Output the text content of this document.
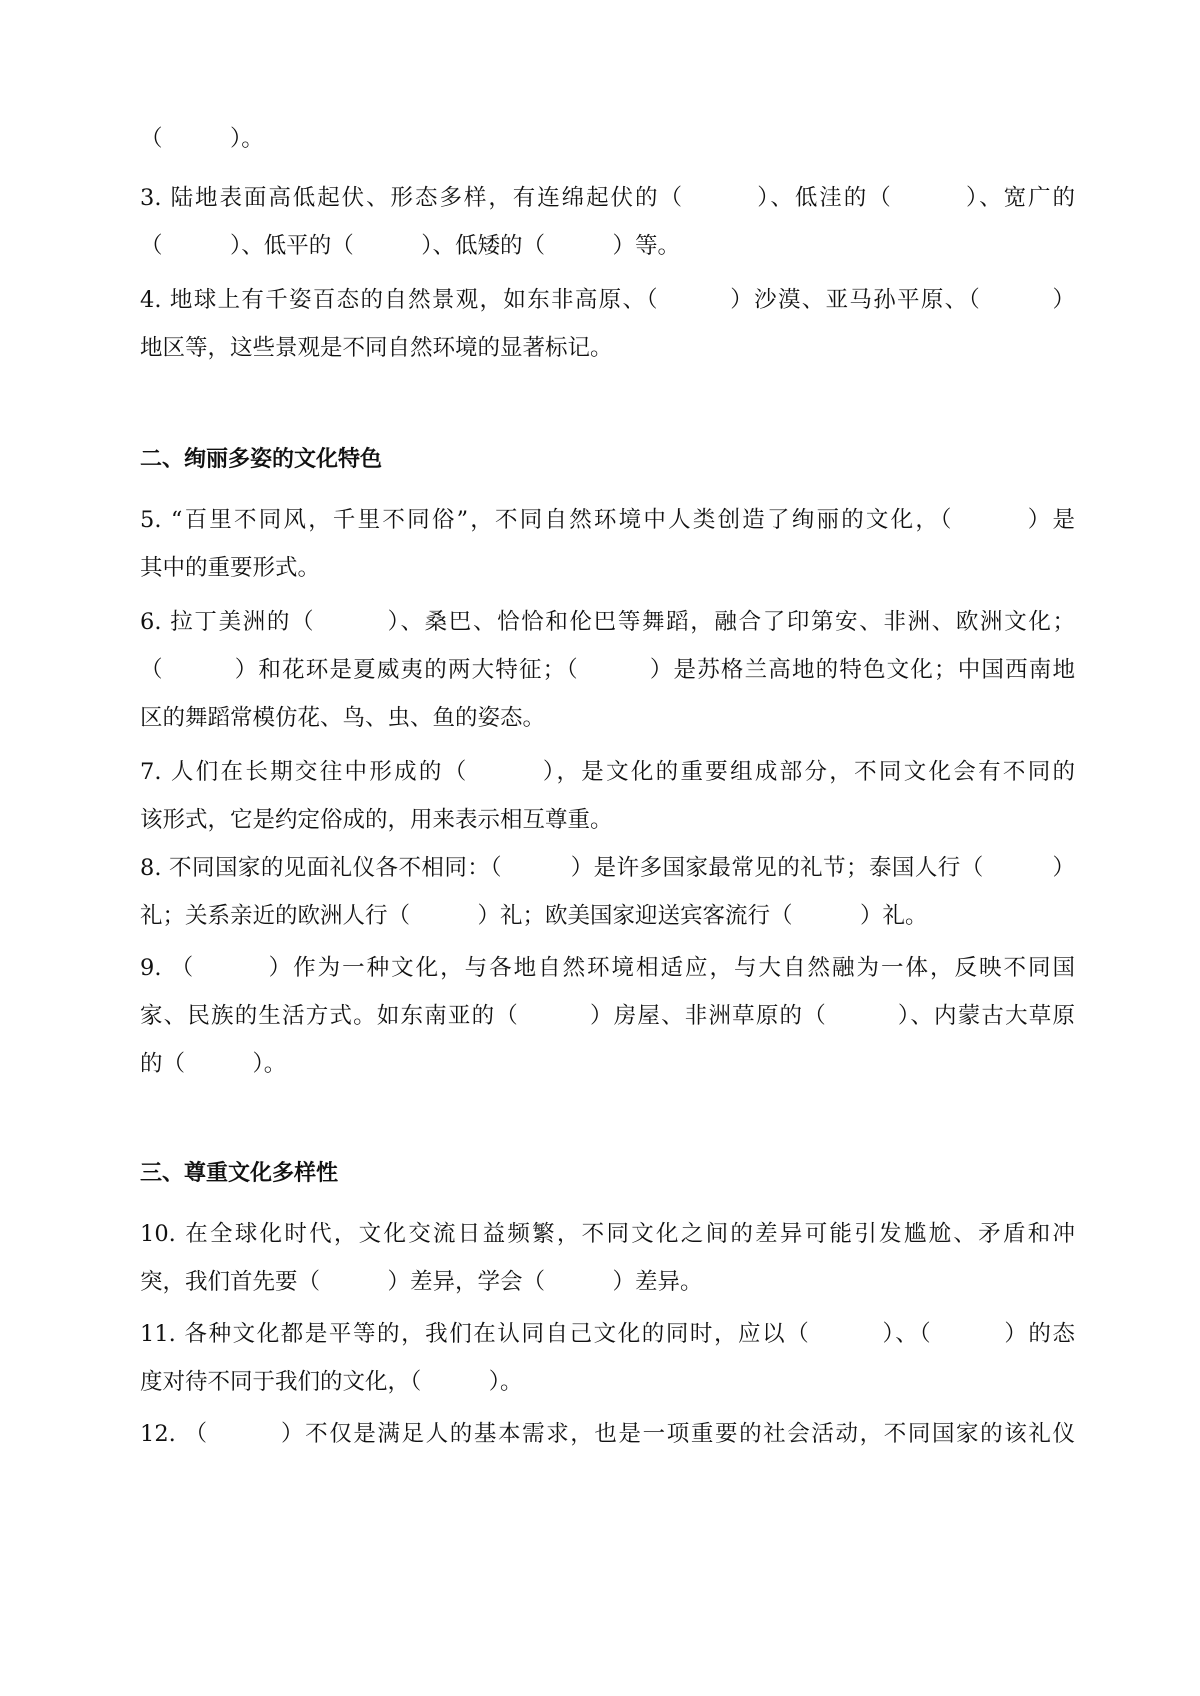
（　　　）。
3. 陆地表面高低起伏、形态多样，有连绵起伏的（　　　）、低洼的（　　　）、宽广的
（　　　）、低平的（　　　）、低矮的（　　　）等。
4. 地球上有千姿百态的自然景观，如东非高原、（　　　）沙漠、亚马孙平原、（　　　）
地区等，这些景观是不同自然环境的显著标记。
二、绚丽多姿的文化特色
5. “百里不同风，千里不同俗”，不同自然环境中人类创造了绚丽的文化，（　　　）是
其中的重要形式。
6. 拉丁美洲的（　　　）、桑巴、恰恰和伦巴等舞蹈，融合了印第安、非洲、欧洲文化；
（　　　）和花环是夏威夷的两大特征；（　　　）是苏格兰高地的特色文化；中国西南地
区的舞蹈常模仿花、鸟、虫、鱼的姿态。
7. 人们在长期交往中形成的（　　　），是文化的重要组成部分，不同文化会有不同的
该形式，它是约定俗成的，用来表示相互尊重。
8. 不同国家的见面礼仪各不相同：（　　　）是许多国家最常见的礼节；泰国人行（　　　）
礼；关系亲近的欧洲人行（　　　）礼；欧美国家迎送宾客流行（　　　）礼。
9. （　　　）作为一种文化，与各地自然环境相适应，与大自然融为一体，反映不同国
家、民族的生活方式。如东南亚的（　　　）房屋、非洲草原的（　　　）、内蒙古大草原
的（　　　）。
三、尊重文化多样性
10. 在全球化时代，文化交流日益频繁，不同文化之间的差异可能引发尴尬、矛盾和冲
突，我们首先要（　　　）差异，学会（　　　）差异。
11. 各种文化都是平等的，我们在认同自己文化的同时，应以（　　　）、（　　　）的态
度对待不同于我们的文化，（　　　）。
12. （　　　）不仅是满足人的基本需求，也是一项重要的社会活动，不同国家的该礼仪
